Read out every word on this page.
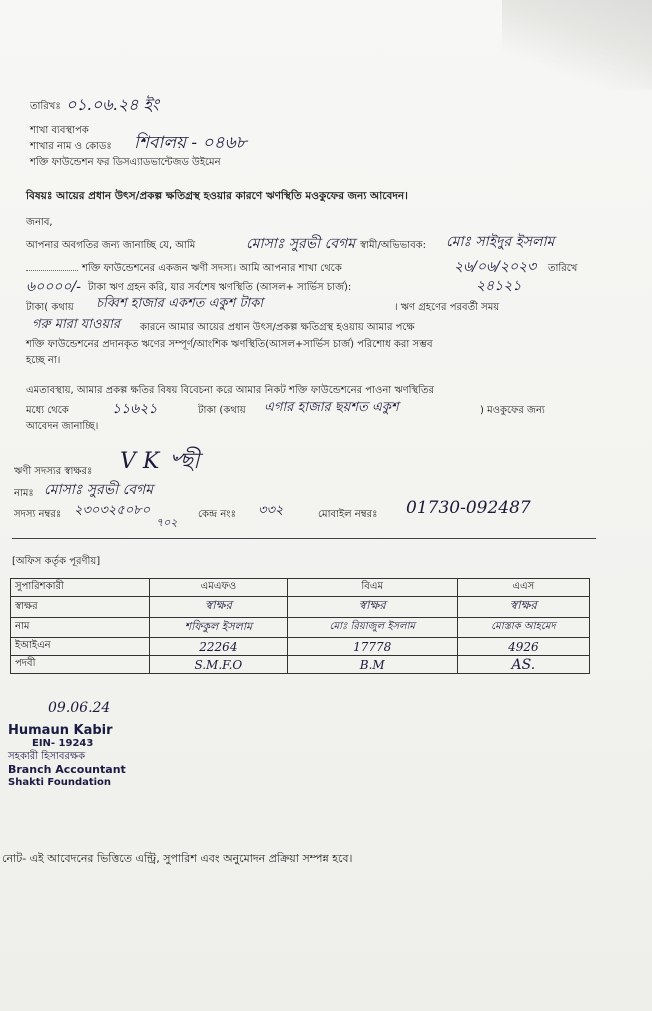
তারিখঃ ০১.০৬.২৪ ইং
শাখা ব্যবস্থাপক
শাখার নাম ও কোডঃ শিবালয় - ০৪৬৮
শক্তি ফাউন্ডেশন ফর ডিসএ্যাডভান্টেজড উইমেন
বিষয়ঃ আয়ের প্রধান উৎস/প্রকল্প ক্ষতিগ্রস্থ হওয়ার কারণে ঋণস্থিতি মওকুফের জন্য আবেদন।
জনাব,
আপনার অবগতির জন্য জানাচ্ছি যে, আমি	মোসাঃ সুরভী বেগম স্বামী/অভিভাবক: মোঃ সাইদুর ইসলাম
শক্তি ফাউন্ডেশনের একজন ঋণী সদস্য। আমি আপনার শাখা থেকে	২৬/০৬/২০২৩ তারিখে
৬০০০০/- টাকা ঋণ গ্রহন করি, যার সর্বশেষ ঋণস্থিতি (আসল+ সার্ভিস চার্জ):	২৪১২১
টাকা( কথায় চব্বিশ হাজার একশত একুশ টাকা	। ঋণ গ্রহণের পরবর্তী সময়
গরু মারা যাওয়ার কারনে আমার আয়ের প্রধান উৎস/প্রকল্প ক্ষতিগ্রস্থ হওয়ায় আমার পক্ষে
শক্তি ফাউন্ডেশনের প্রদানকৃত ঋণের সম্পূর্ণ/আংশিক ঋণস্থিতি(আসল+সার্ভিস চার্জ) পরিশোধ করা সম্ভব
হচ্ছে না।
এমতাবস্থায়, আমার প্রকল্প ক্ষতির বিষয় বিবেচনা করে আমার নিকট শক্তি ফাউন্ডেশনের পাওনা ঋণস্থিতির
মধ্যে থেকে	১১৬২১	টাকা (কথায় এগার হাজার ছয়শত একুশ	) মওকুফের জন্য
আবেদন জানাচ্ছি।
ঋণী সদস্যর স্বাক্ষরঃ V K ৺ছী
নামঃ মোসাঃ সুরভী বেগম
সদস্য নম্বরঃ ২৩০৩২৫০৮০
৭০২
কেন্দ্র নংঃ ৩৩২	মোবাইল নম্বরঃ 01730-092487
[অফিস কর্তৃক পূরণীয়]
সুপারিশকারী	এমএফও	বিএম	এএস
স্বাক্ষর	স্বাক্ষর	স্বাক্ষর	স্বাক্ষর
নাম	শফিকুল ইসলাম	মোঃ রিয়াজুল ইসলাম	মোস্তাক আহমেদ
ইআইএন	22264	17778	4926
পদবী	S.M.F.O	B.M	AS.
09.06.24
Humaun Kabir
EIN- 19243
সহকারী হিসাবরক্ষক
Branch Accountant
Shakti Foundation
নোট- এই আবেদনের ভিত্তিতে এন্ট্রি, সুপারিশ এবং অনুমোদন প্রক্রিয়া সম্পন্ন হবে।
